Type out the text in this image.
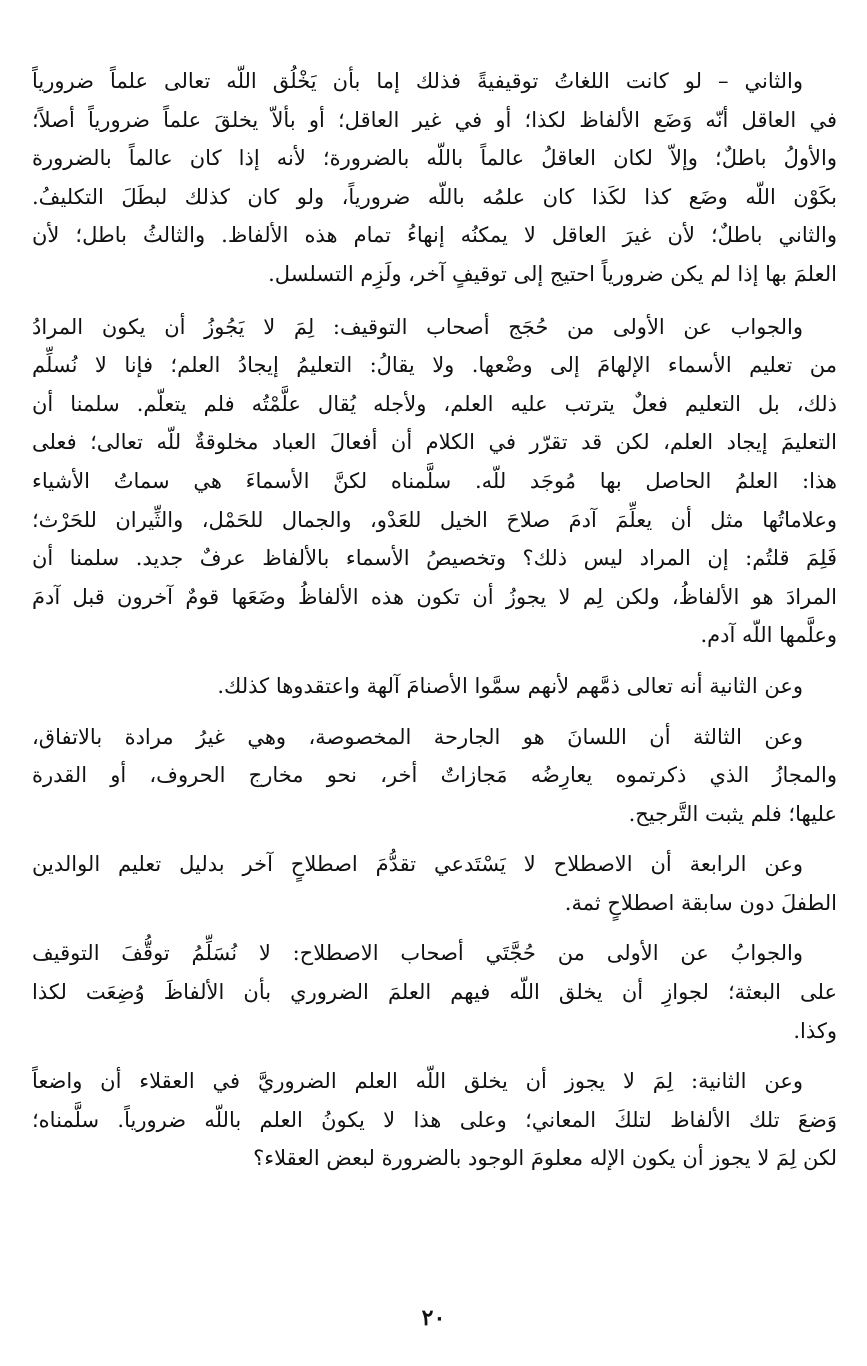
والثاني – لو كانت اللغاتُ توقيفيةً فذلك إما بأن يَخْلُق اللّه تعالى علماً ضرورياً
في العاقل أنّه وَضَع الألفاظ لكذا؛ أو في غير العاقل؛ أو بألاّ يخلقَ علماً ضرورياً أصلاً؛
والأولُ باطلٌ؛ وإلاّ لكان العاقلُ عالماً باللّه بالضرورة؛ لأنه إذا كان عالماً بالضرورة
بكَوْن اللّه وضَع كذا لكَذا كان علمُه باللّه ضرورياً، ولو كان كذلك لبطَلَ التكليفُ.
والثاني باطلٌ؛ لأن غيرَ العاقل لا يمكنُه إنهاءُ تمام هذه الألفاظ. والثالثُ باطل؛ لأن
العلمَ بها إذا لم يكن ضرورياً احتيج إلى توقيفٍ آخر، ولَزِم التسلسل.
والجواب عن الأولى من حُجَج أصحاب التوقيف: لِمَ لا يَجُوزُ أن يكون المرادُ
من تعليم الأسماء الإلهامَ إلى وضْعها. ولا يقالُ: التعليمُ إيجادُ العلم؛ فإنا لا نُسلِّم
ذلك، بل التعليم فعلٌ يترتب عليه العلم، ولأجله يُقال علَّمْتُه فلم يتعلّم. سلمنا أن
التعليمَ إيجاد العلم، لكن قد تقرّر في الكلام أن أفعالَ العباد مخلوقةٌ للّه تعالى؛ فعلى
هذا: العلمُ الحاصل بها مُوجَد للّه. سلَّمناه لكنَّ الأسماءَ هي سماتُ الأشياء
وعلاماتُها مثل أن يعلِّمَ آدمَ صلاحَ الخيل للعَدْو، والجمال للحَمْل، والثِّيران للحَرْث؛
فَلِمَ قلتُم: إن المراد ليس ذلك؟ وتخصيصُ الأسماء بالألفاظ عرفٌ جديد. سلمنا أن
المرادَ هو الألفاظُ، ولكن لِم لا يجوزُ أن تكون هذه الألفاظُ وضَعَها قومٌ آخرون قبل آدمَ
وعلَّمها اللّه آدم.
وعن الثانية أنه تعالى ذمَّهم لأنهم سمَّوا الأصنامَ آلهة واعتقدوها كذلك.
وعن الثالثة أن اللسانَ هو الجارحة المخصوصة، وهي غيرُ مرادة بالاتفاق،
والمجازُ الذي ذكرتموه يعارِضُه مَجازاتٌ أخر، نحو مخارج الحروف، أو القدرة
عليها؛ فلم يثبت التَّرجيح.
وعن الرابعة أن الاصطلاح لا يَسْتَدعي تقدُّمَ اصطلاحٍ آخر بدليل تعليم الوالدين
الطفلَ دون سابقة اصطلاحٍ ثمة.
والجوابُ عن الأولى من حُجَّتَي أصحاب الاصطلاح: لا نُسَلِّمُ توقُّفَ التوقيف
على البعثة؛ لجوازِ أن يخلق اللّه فيهم العلمَ الضروري بأن الألفاظَ وُضِعَت لكذا
وكذا.
وعن الثانية: لِمَ لا يجوز أن يخلق اللّه العلم الضروريَّ في العقلاء أن واضعاً
وَضعَ تلك الألفاظ لتلكَ المعاني؛ وعلى هذا لا يكونُ العلم باللّه ضرورياً. سلَّمناه؛
لكن لِمَ لا يجوز أن يكون الإله معلومَ الوجود بالضرورة لبعض العقلاء؟
٢٠
